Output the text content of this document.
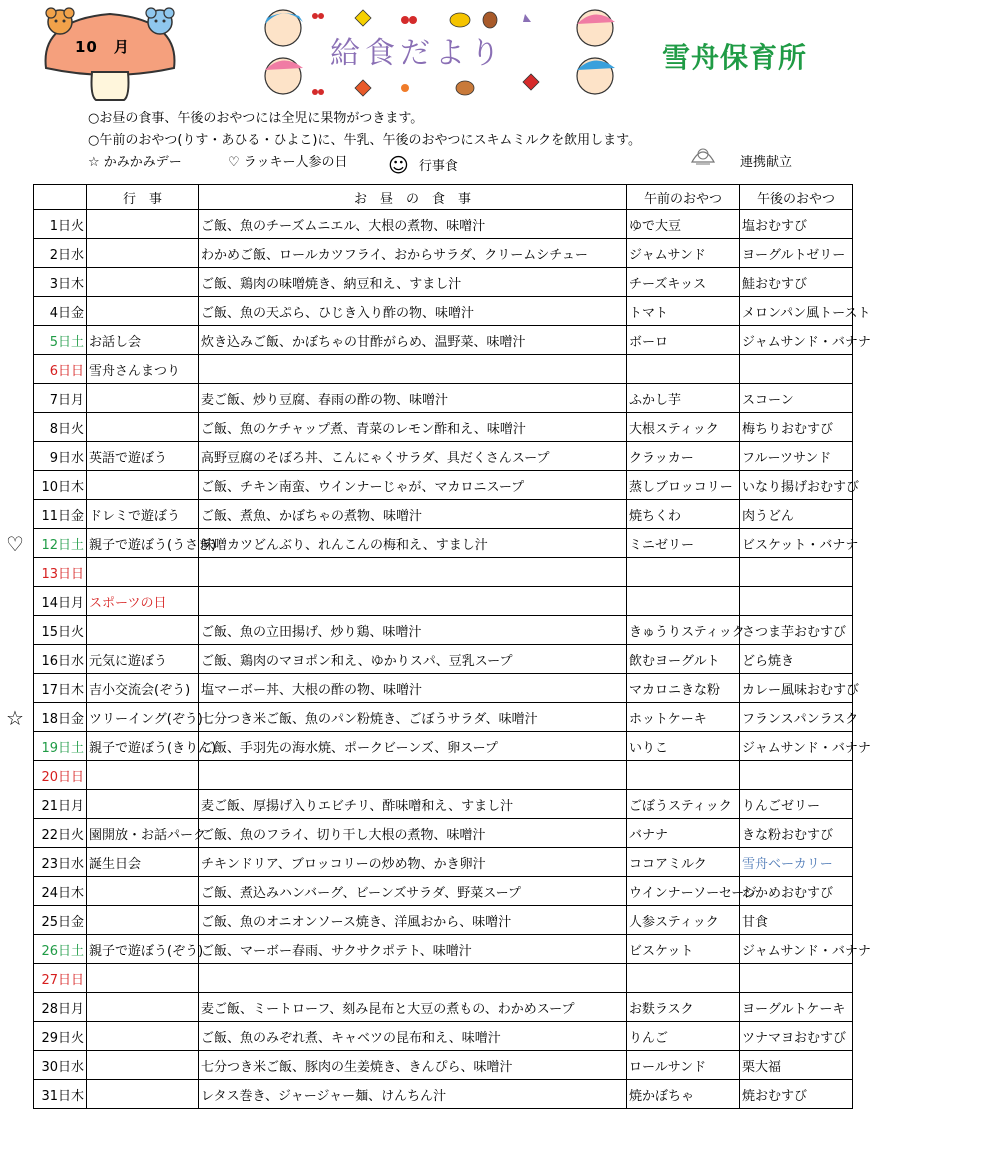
10　月	給食だより	雪舟保育所
○お昼の食事、午後のおやつには全児に果物がつきます。
○午前のおやつ(りす・あひる・ひよこ)に、牛乳、午後のおやつにスキムミルクを飲用します。
☆ かみかみデー	♡ ラッキー人参の日 ☺ 行事食	連携献立
♡
☆
	行　事	お　昼　の　食　事	午前のおやつ	午後のおやつ
1日火		ご飯、魚のチーズムニエル、大根の煮物、味噌汁	ゆで大豆	塩おむすび
2日水		わかめご飯、ロールカツフライ、おからサラダ、クリームシチュー	ジャムサンド	ヨーグルトゼリー
3日木		ご飯、鶏肉の味噌焼き、納豆和え、すまし汁	チーズキッス	鮭おむすび
4日金		ご飯、魚の天ぷら、ひじき入り酢の物、味噌汁	トマト	メロンパン風トースト
5日土	お話し会	炊き込みご飯、かぼちゃの甘酢がらめ、温野菜、味噌汁	ボーロ	ジャムサンド・バナナ
6日日	雪舟さんまつり			
7日月		麦ご飯、炒り豆腐、春雨の酢の物、味噌汁	ふかし芋	スコーン
8日火		ご飯、魚のケチャップ煮、青菜のレモン酢和え、味噌汁	大根スティック	梅ちりおむすび
9日水	英語で遊ぼう	高野豆腐のそぼろ丼、こんにゃくサラダ、具だくさんスープ	クラッカー	フルーツサンド
10日木		ご飯、チキン南蛮、ウインナーじゃが、マカロニスープ	蒸しブロッコリー	いなり揚げおむすび
11日金	ドレミで遊ぼう	ご飯、煮魚、かぼちゃの煮物、味噌汁	焼ちくわ	肉うどん
12日土	親子で遊ぼう(うさぎ)	味噌カツどんぶり、れんこんの梅和え、すまし汁	ミニゼリー	ビスケット・バナナ
13日日				
14日月	スポーツの日			
15日火		ご飯、魚の立田揚げ、炒り鶏、味噌汁	きゅうりスティック	さつま芋おむすび
16日水	元気に遊ぼう	ご飯、鶏肉のマヨポン和え、ゆかりスパ、豆乳スープ	飲むヨーグルト	どら焼き
17日木	吉小交流会(ぞう)	塩マーボー丼、大根の酢の物、味噌汁	マカロニきな粉	カレー風味おむすび
18日金	ツリーイング(ぞう)	七分つき米ご飯、魚のパン粉焼き、ごぼうサラダ、味噌汁	ホットケーキ	フランスパンラスク
19日土	親子で遊ぼう(きりん)	ご飯、手羽先の海水焼、ポークビーンズ、卵スープ	いりこ	ジャムサンド・バナナ
20日日				
21日月		麦ご飯、厚揚げ入りエビチリ、酢味噌和え、すまし汁	ごぼうスティック	りんごゼリー
22日火	園開放・お話パーク	ご飯、魚のフライ、切り干し大根の煮物、味噌汁	バナナ	きな粉おむすび
23日水	誕生日会	チキンドリア、ブロッコリーの炒め物、かき卵汁	ココアミルク	雪舟ベーカリー
24日木		ご飯、煮込みハンバーグ、ビーンズサラダ、野菜スープ	ウインナーソーセージ	わかめおむすび
25日金		ご飯、魚のオニオンソース焼き、洋風おから、味噌汁	人参スティック	甘食
26日土	親子で遊ぼう(ぞう)	ご飯、マーボー春雨、サクサクポテト、味噌汁	ビスケット	ジャムサンド・バナナ
27日日				
28日月		麦ご飯、ミートローフ、刻み昆布と大豆の煮もの、わかめスープ	お麩ラスク	ヨーグルトケーキ
29日火		ご飯、魚のみぞれ煮、キャベツの昆布和え、味噌汁	りんご	ツナマヨおむすび
30日水		七分つき米ご飯、豚肉の生姜焼き、きんぴら、味噌汁	ロールサンド	栗大福
31日木		レタス巻き、ジャージャー麺、けんちん汁	焼かぼちゃ	焼おむすび
